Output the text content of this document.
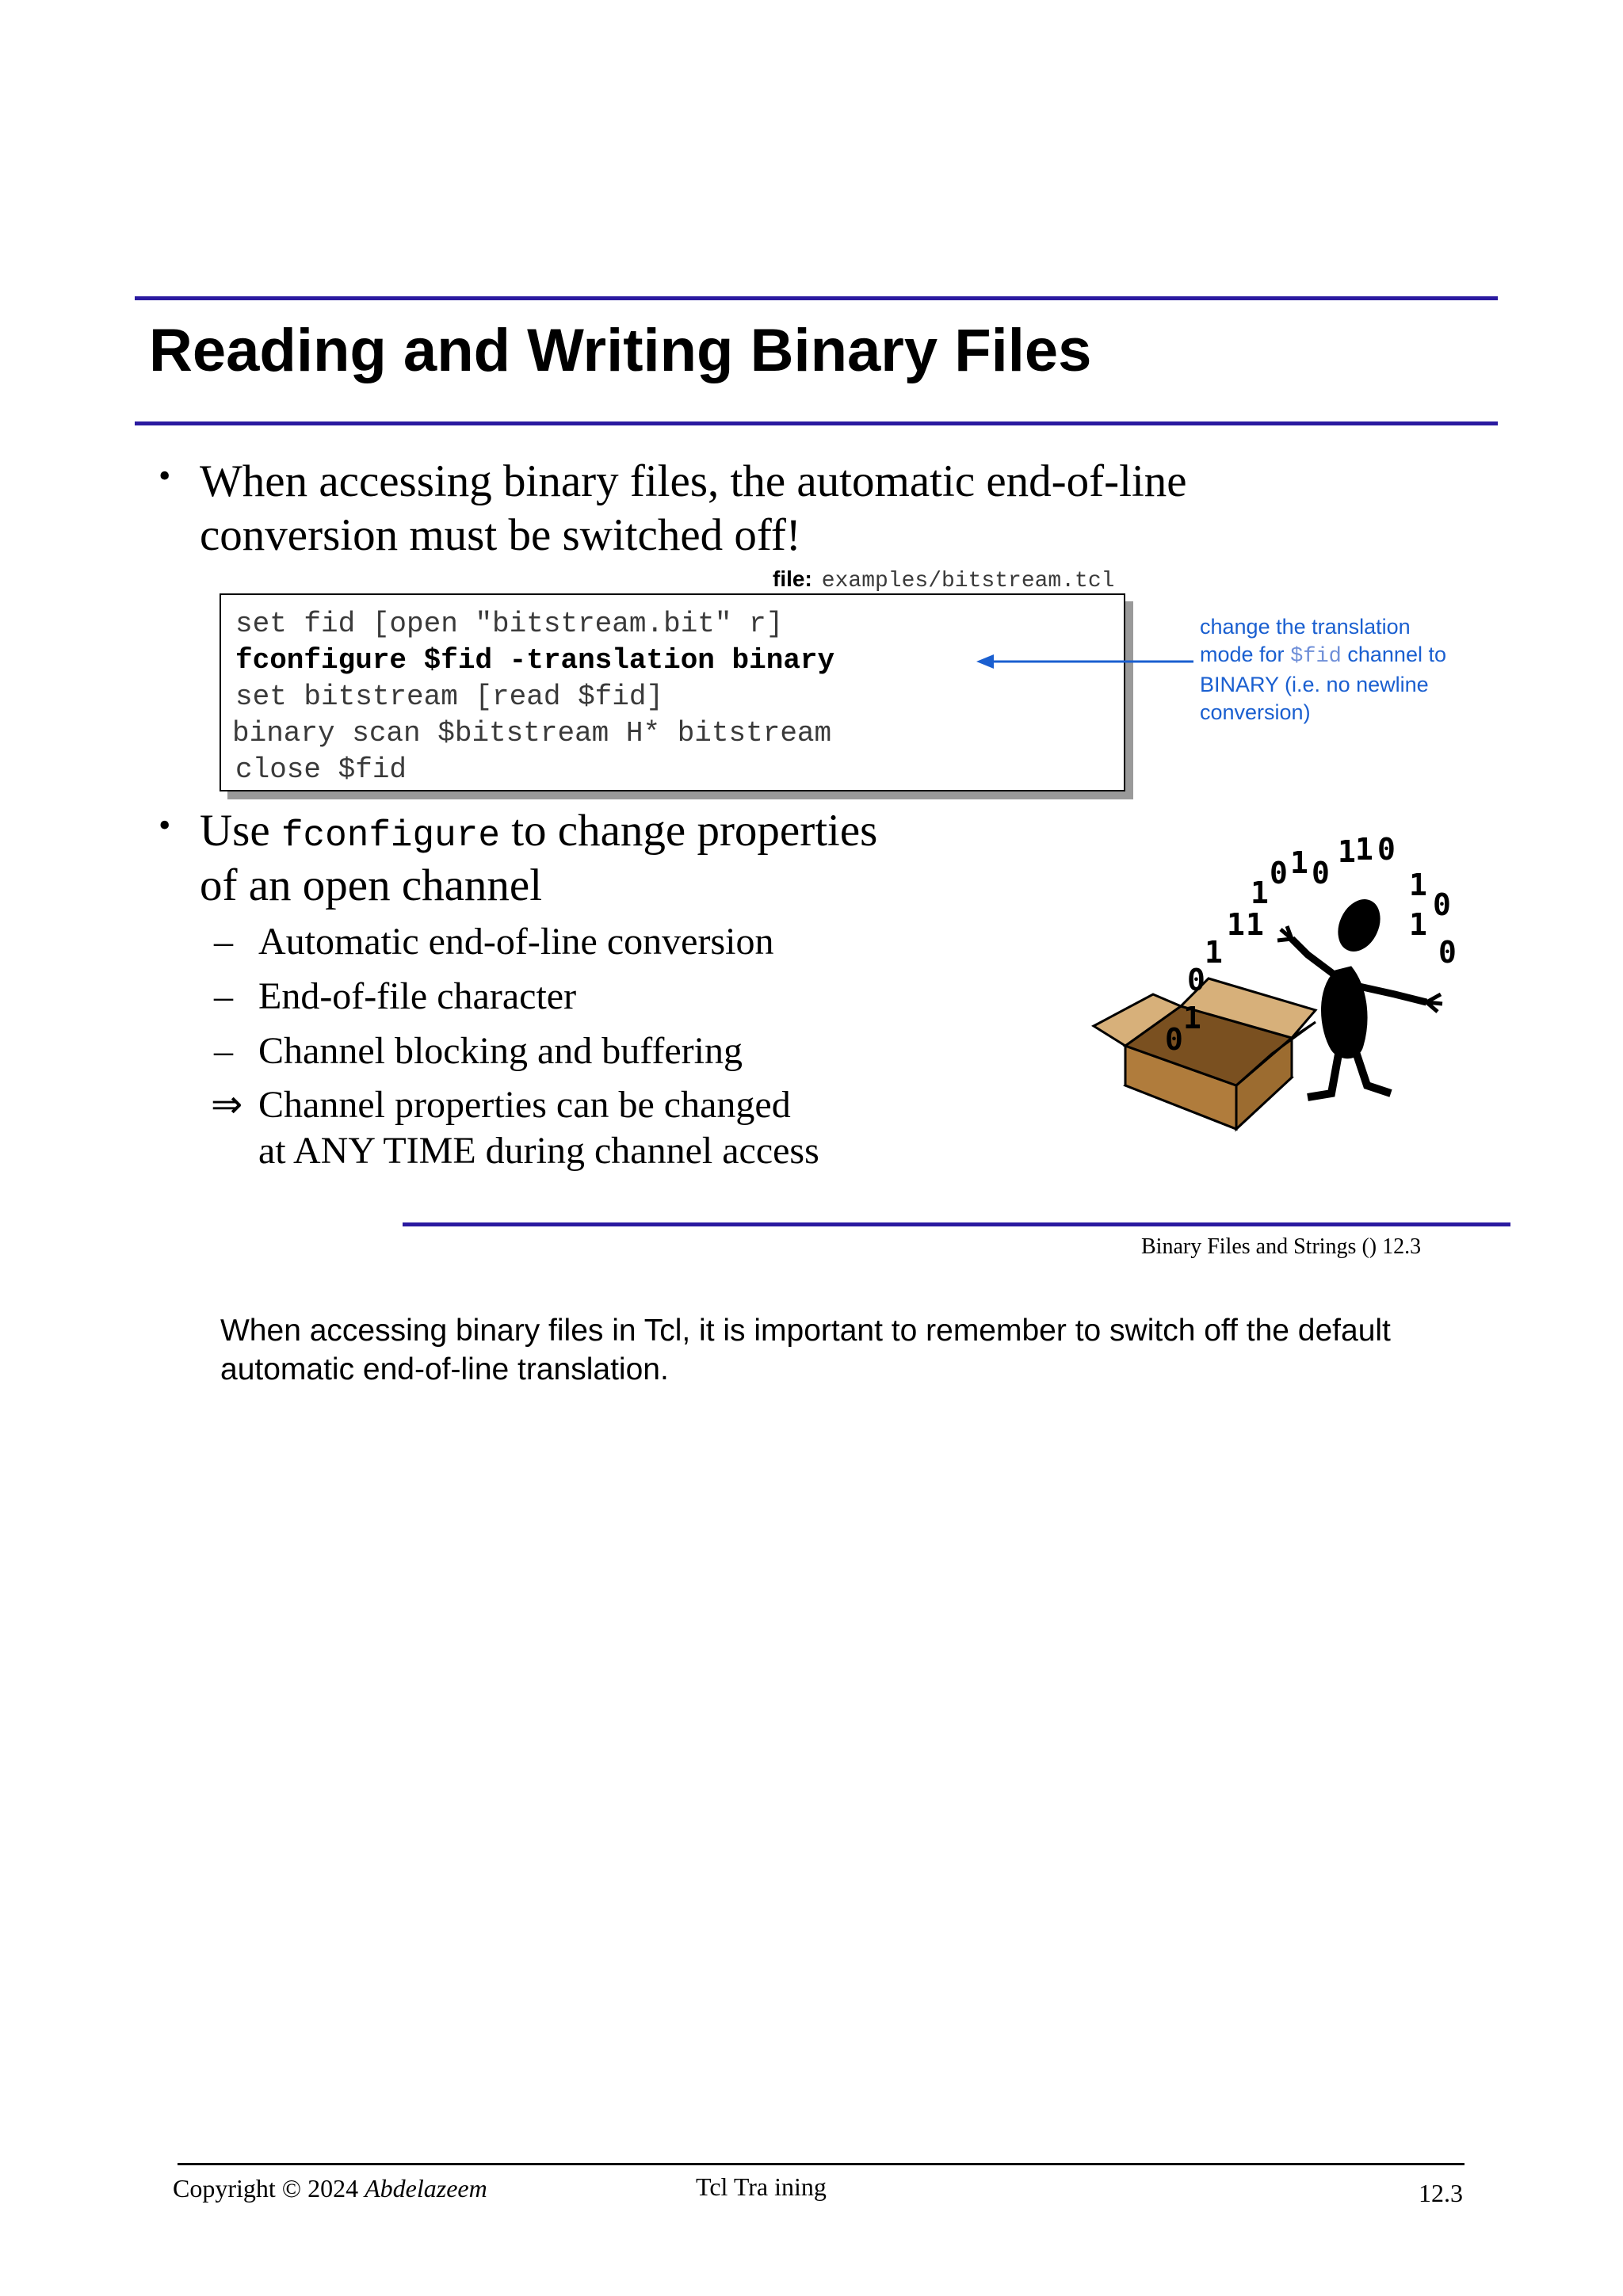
Reading and Writing Binary Files
• When accessing binary files, the automatic end-of-line
conversion must be switched off!
file: examples/bitstream.tcl
set fid [open "bitstream.bit" r]
fconfigure $fid -translation binary
set bitstream [read $fid]
binary scan $bitstream H* bitstream
close $fid
change the translation
mode for $fid channel to
BINARY (i.e. no newline
conversion)
• Use fconfigure to change properties
of an open channel
– Automatic end-of-line conversion
– End-of-file character
– Channel blocking and buffering
⇒ Channel properties can be changed
at ANY TIME during channel access
0
1
0
1
1 1
1
0 1 0
1 1 0
1
0
1
0
Binary Files and Strings () 12.3
When accessing binary files in Tcl, it is important to remember to switch off the default automatic end-of-line translation.
Copyright © 2024 Abdelazeem	Tcl Tra ining	12.3
